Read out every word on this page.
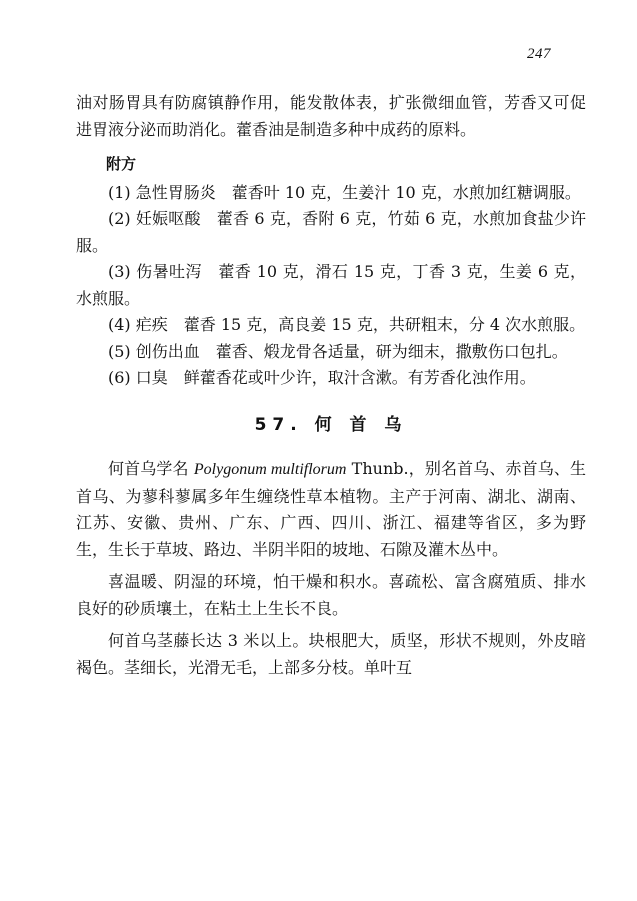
247

油对肠胃具有防腐镇静作用，能发散体表，扩张微细血管，芳香又可促进胃液分泌而助消化。藿香油是制造多种中成药的原料。

附方

(1) 急性胃肠炎　藿香叶 10 克，生姜汁 10 克，水煎加红糖调服。

(2) 妊娠呕酸　藿香 6 克，香附 6 克，竹茹 6 克，水煎加食盐少许服。

(3) 伤暑吐泻　藿香 10 克，滑石 15 克，丁香 3 克，生姜 6 克，水煎服。

(4) 疟疾　藿香 15 克，高良姜 15 克，共研粗末，分 4 次水煎服。

(5) 创伤出血　藿香、煅龙骨各适量，研为细末，撒敷伤口包扎。

(6) 口臭　鲜藿香花或叶少许，取汁含漱。有芳香化浊作用。

57. 何 首 乌

何首乌学名 Polygonum multiflorum Thunb.，别名首乌、赤首乌、生首乌、为蓼科蓼属多年生缠绕性草本植物。主产于河南、湖北、湖南、江苏、安徽、贵州、广东、广西、四川、浙江、福建等省区，多为野生，生长于草坡、路边、半阴半阳的坡地、石隙及灌木丛中。

喜温暖、阴湿的环境，怕干燥和积水。喜疏松、富含腐殖质、排水良好的砂质壤土，在粘土上生长不良。

何首乌茎藤长达 3 米以上。块根肥大，质坚，形状不规则，外皮暗褐色。茎细长，光滑无毛，上部多分枝。单叶互
